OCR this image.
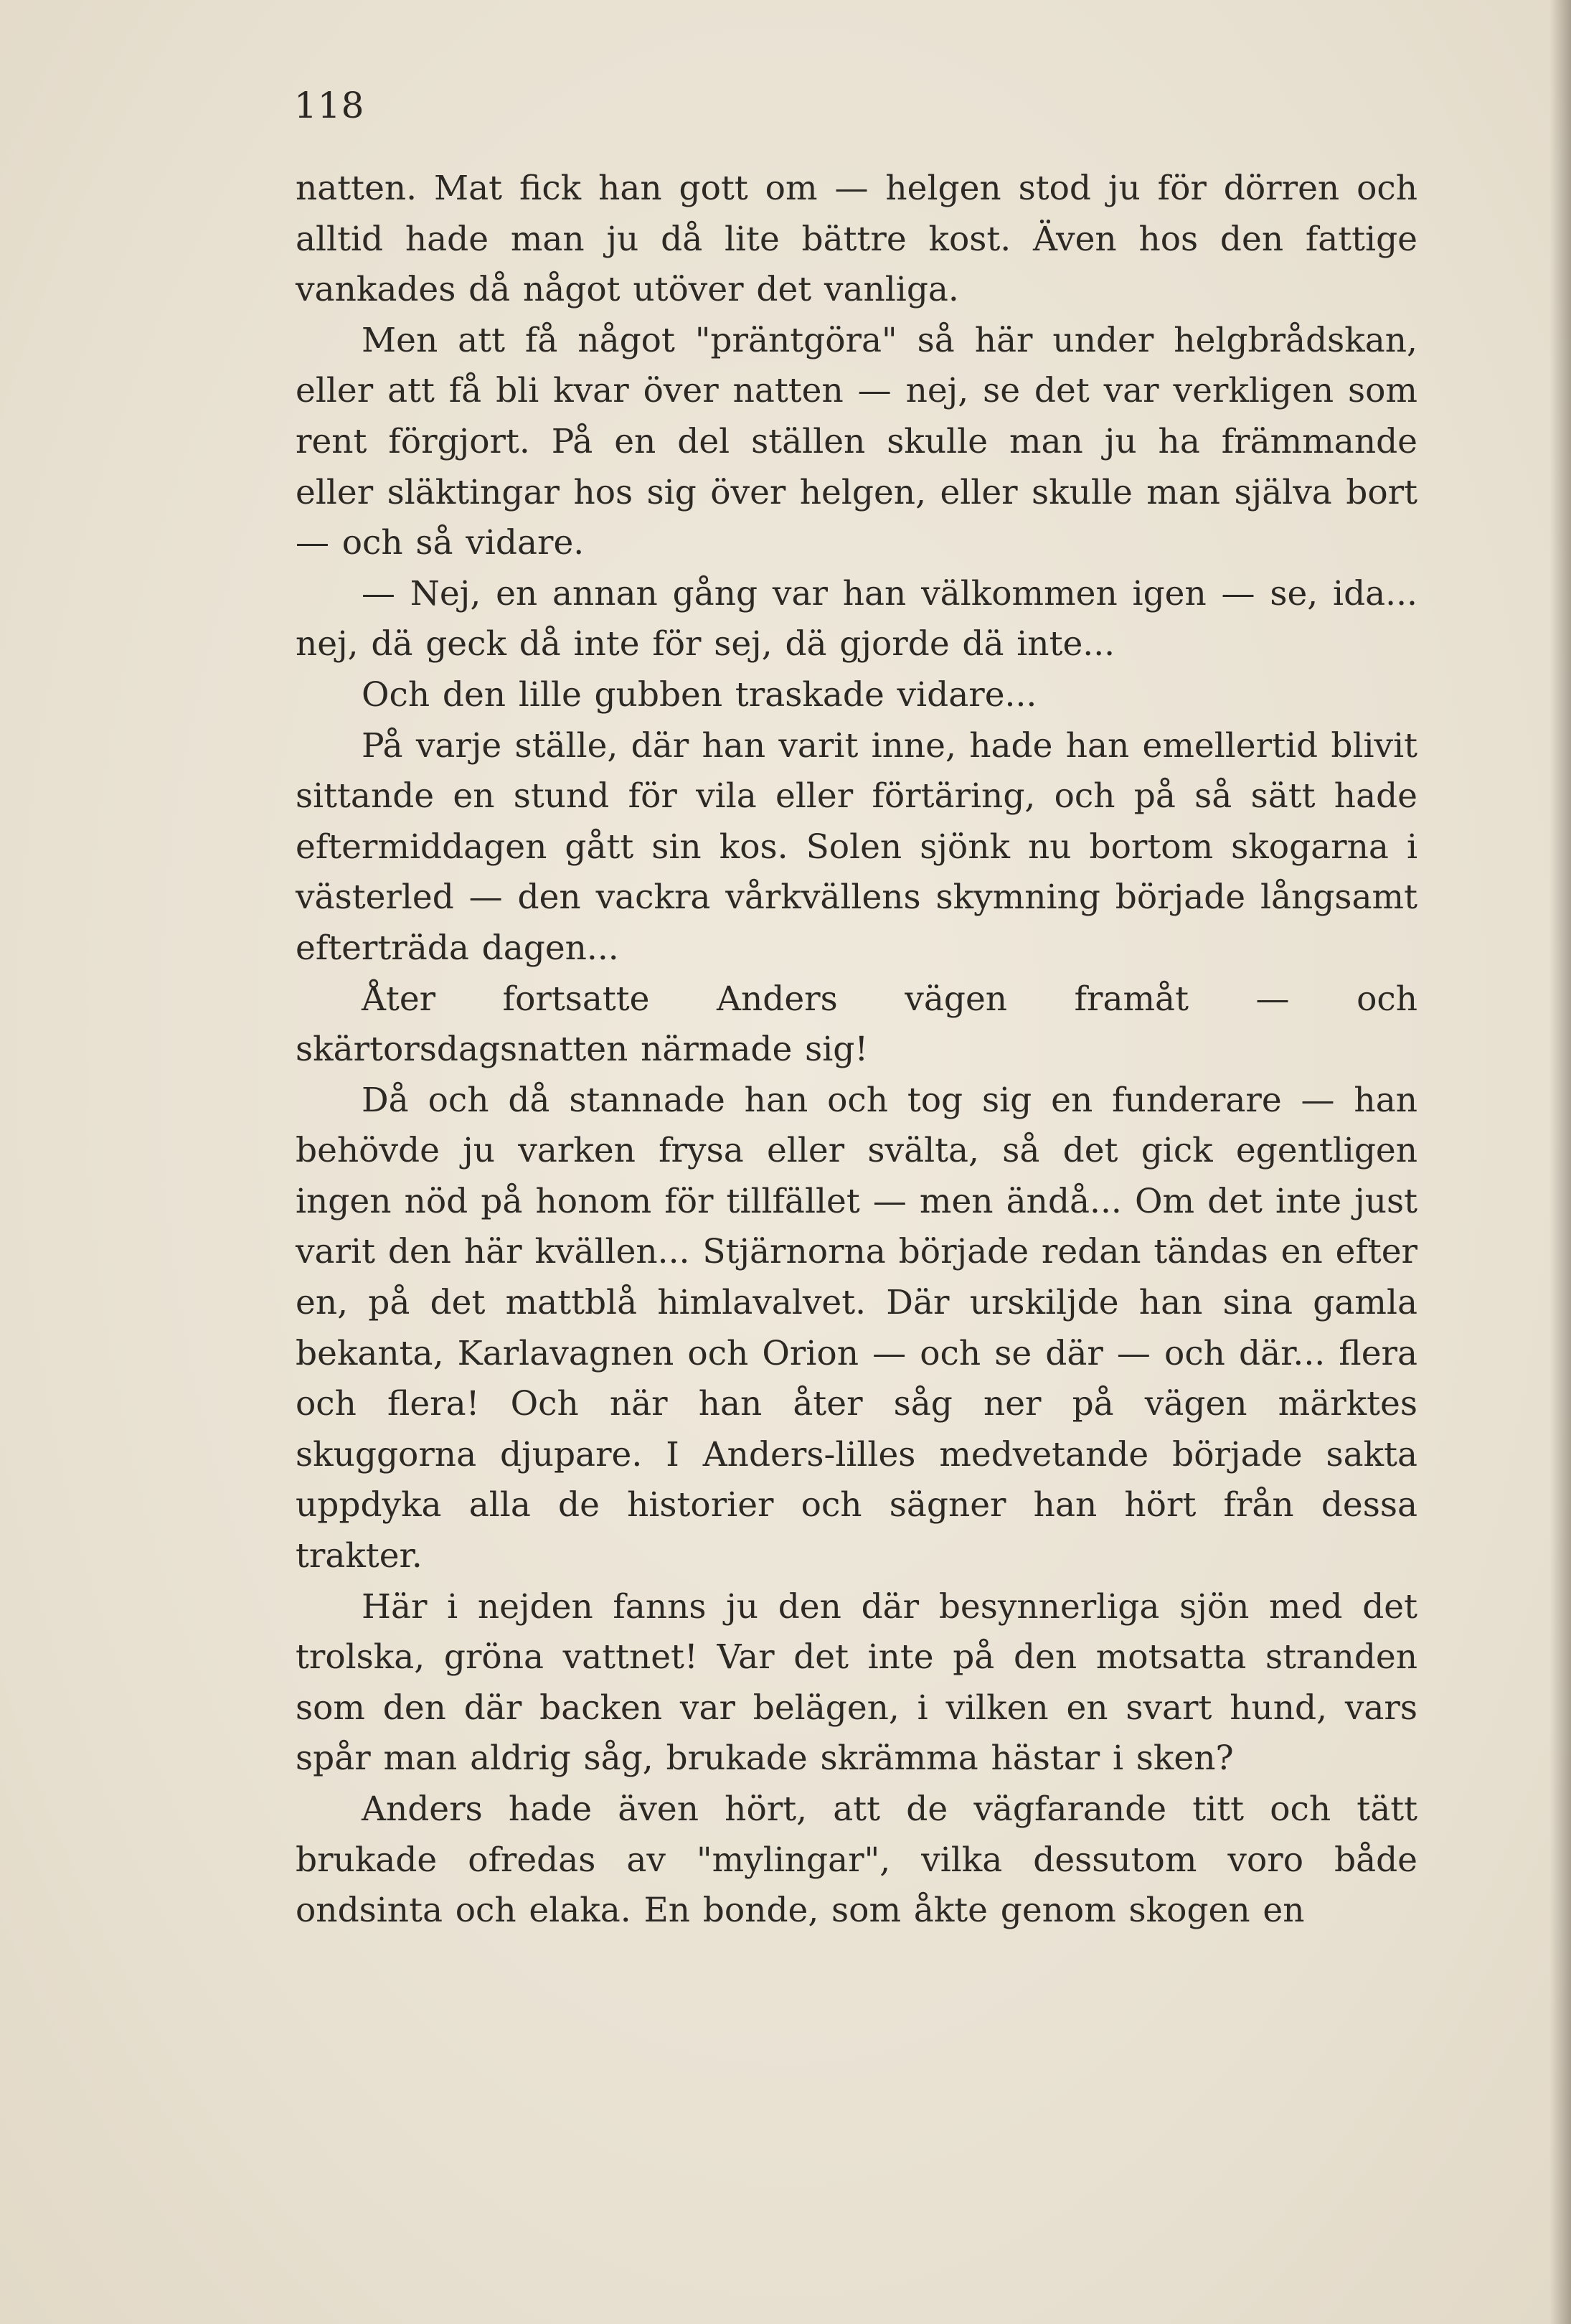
118

natten. Mat fick han gott om — helgen stod ju för dörren och alltid hade man ju då lite bättre kost. Även hos den fattige vankades då något utöver det vanliga.

Men att få något "präntgöra" så här under helgbrådskan, eller att få bli kvar över natten — nej, se det var verkligen som rent förgjort. På en del ställen skulle man ju ha främmande eller släktingar hos sig över helgen, eller skulle man själva bort — och så vidare.

— Nej, en annan gång var han välkommen igen — se, ida... nej, dä geck då inte för sej, dä gjorde dä inte...

Och den lille gubben traskade vidare...

På varje ställe, där han varit inne, hade han emellertid blivit sittande en stund för vila eller förtäring, och på så sätt hade eftermiddagen gått sin kos. Solen sjönk nu bortom skogarna i västerled — den vackra vårkvällens skymning började långsamt efterträda dagen...

Åter fortsatte Anders vägen framåt — och skärtorsdagsnatten närmade sig!

Då och då stannade han och tog sig en funderare — han behövde ju varken frysa eller svälta, så det gick egentligen ingen nöd på honom för tillfället — men ändå... Om det inte just varit den här kvällen... Stjärnorna började redan tändas en efter en, på det mattblå himlavalvet. Där urskiljde han sina gamla bekanta, Karlavagnen och Orion — och se där — och där... flera och flera! Och när han åter såg ner på vägen märktes skuggorna djupare. I Anders-lilles medvetande började sakta uppdyka alla de historier och sägner han hört från dessa trakter.

Här i nejden fanns ju den där besynnerliga sjön med det trolska, gröna vattnet! Var det inte på den motsatta stranden som den där backen var belägen, i vilken en svart hund, vars spår man aldrig såg, brukade skrämma hästar i sken?

Anders hade även hört, att de vägfarande titt och tätt brukade ofredas av "mylingar", vilka dessutom voro både ondsinta och elaka. En bonde, som åkte genom skogen en
